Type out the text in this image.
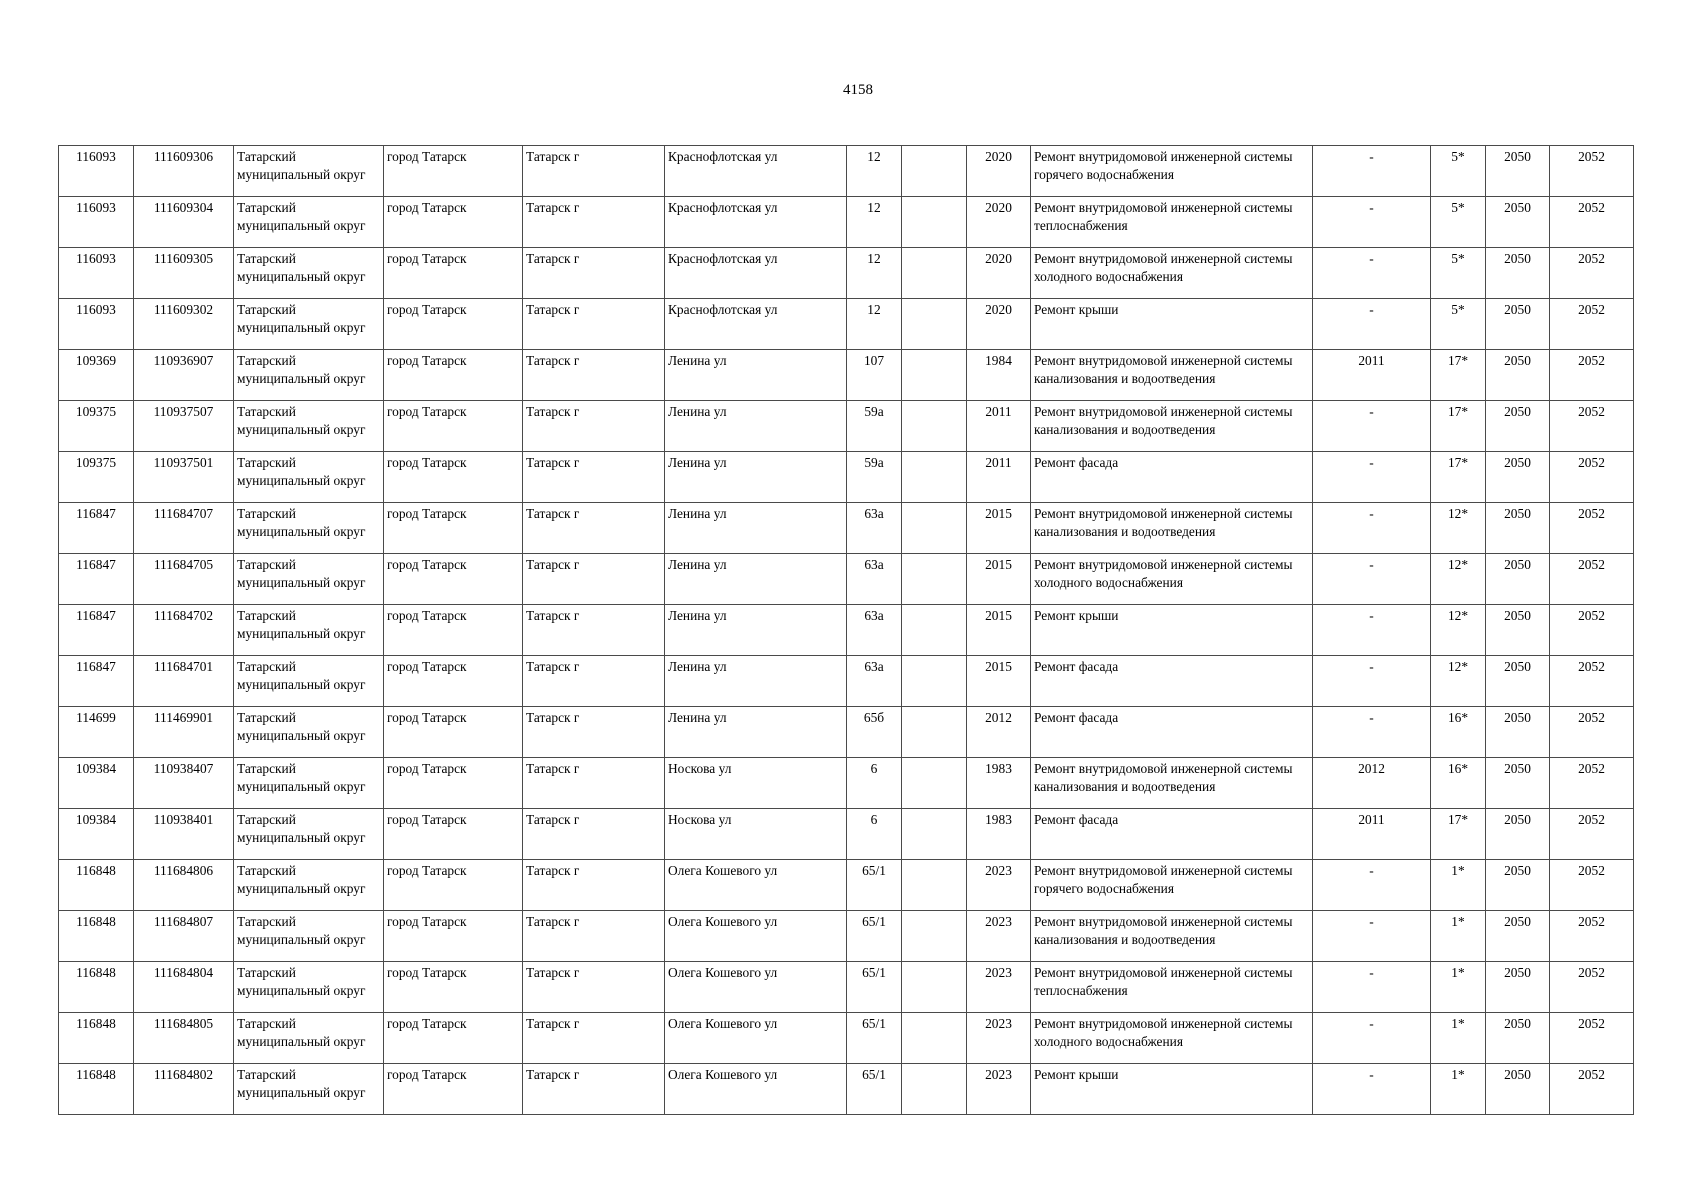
4158
116093	111609306	Татарский муниципальный округ	город Татарск	Татарск г	Краснофлотская ул	12		2020	Ремонт внутридомовой инженерной системы горячего водоснабжения	-	5*	2050	2052
116093	111609304	Татарский муниципальный округ	город Татарск	Татарск г	Краснофлотская ул	12		2020	Ремонт внутридомовой инженерной системы теплоснабжения	-	5*	2050	2052
116093	111609305	Татарский муниципальный округ	город Татарск	Татарск г	Краснофлотская ул	12		2020	Ремонт внутридомовой инженерной системы холодного водоснабжения	-	5*	2050	2052
116093	111609302	Татарский муниципальный округ	город Татарск	Татарск г	Краснофлотская ул	12		2020	Ремонт крыши	-	5*	2050	2052
109369	110936907	Татарский муниципальный округ	город Татарск	Татарск г	Ленина ул	107		1984	Ремонт внутридомовой инженерной системы канализования и водоотведения	2011	17*	2050	2052
109375	110937507	Татарский муниципальный округ	город Татарск	Татарск г	Ленина ул	59а		2011	Ремонт внутридомовой инженерной системы канализования и водоотведения	-	17*	2050	2052
109375	110937501	Татарский муниципальный округ	город Татарск	Татарск г	Ленина ул	59а		2011	Ремонт фасада	-	17*	2050	2052
116847	111684707	Татарский муниципальный округ	город Татарск	Татарск г	Ленина ул	63а		2015	Ремонт внутридомовой инженерной системы канализования и водоотведения	-	12*	2050	2052
116847	111684705	Татарский муниципальный округ	город Татарск	Татарск г	Ленина ул	63а		2015	Ремонт внутридомовой инженерной системы холодного водоснабжения	-	12*	2050	2052
116847	111684702	Татарский муниципальный округ	город Татарск	Татарск г	Ленина ул	63а		2015	Ремонт крыши	-	12*	2050	2052
116847	111684701	Татарский муниципальный округ	город Татарск	Татарск г	Ленина ул	63а		2015	Ремонт фасада	-	12*	2050	2052
114699	111469901	Татарский муниципальный округ	город Татарск	Татарск г	Ленина ул	65б		2012	Ремонт фасада	-	16*	2050	2052
109384	110938407	Татарский муниципальный округ	город Татарск	Татарск г	Носкова ул	6		1983	Ремонт внутридомовой инженерной системы канализования и водоотведения	2012	16*	2050	2052
109384	110938401	Татарский муниципальный округ	город Татарск	Татарск г	Носкова ул	6		1983	Ремонт фасада	2011	17*	2050	2052
116848	111684806	Татарский муниципальный округ	город Татарск	Татарск г	Олега Кошевого ул	65/1		2023	Ремонт внутридомовой инженерной системы горячего водоснабжения	-	1*	2050	2052
116848	111684807	Татарский муниципальный округ	город Татарск	Татарск г	Олега Кошевого ул	65/1		2023	Ремонт внутридомовой инженерной системы канализования и водоотведения	-	1*	2050	2052
116848	111684804	Татарский муниципальный округ	город Татарск	Татарск г	Олега Кошевого ул	65/1		2023	Ремонт внутридомовой инженерной системы теплоснабжения	-	1*	2050	2052
116848	111684805	Татарский муниципальный округ	город Татарск	Татарск г	Олега Кошевого ул	65/1		2023	Ремонт внутридомовой инженерной системы холодного водоснабжения	-	1*	2050	2052
116848	111684802	Татарский муниципальный округ	город Татарск	Татарск г	Олега Кошевого ул	65/1		2023	Ремонт крыши	-	1*	2050	2052
